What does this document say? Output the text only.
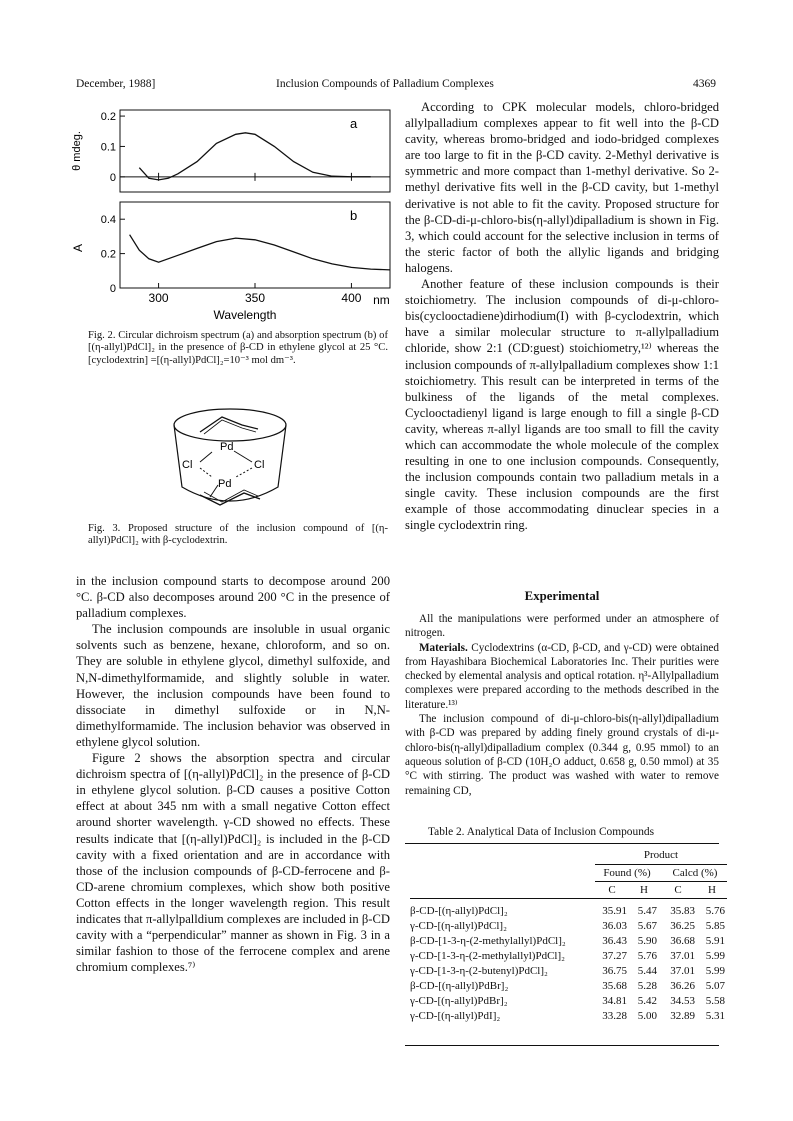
December, 1988]	Inclusion Compounds of Palladium Complexes	4369
0.2
0.1
0
a
θ mdeg.
0.4
0.2
0
b
A
300	350	400 nm
Wavelength
Fig. 2. Circular dichroism spectrum (a) and absorption spectrum (b) of [(η-allyl)PdCl]₂ in the presence of β-CD in ethylene glycol at 25 °C. [cyclodextrin] =[(η-allyl)PdCl]₂=10⁻³ mol dm⁻³.
Pd
Pd
Cl	Cl
Fig. 3. Proposed structure of the inclusion compound of [(η-allyl)PdCl]₂ with β-cyclodextrin.

in the inclusion compound starts to decompose around 200 °C. β-CD also decomposes around 200 °C in the presence of palladium complexes.

The inclusion compounds are insoluble in usual organic solvents such as benzene, hexane, chloroform, and so on. They are soluble in ethylene glycol, dimethyl sulfoxide, and N,N-dimethylformamide, and slightly soluble in water. However, the inclusion compounds have been found to dissociate in dimethyl sulfoxide or in N,N-dimethylformamide. The inclusion behavior was observed in ethylene glycol solution.

Figure 2 shows the absorption spectra and circular dichroism spectra of [(η-allyl)PdCl]₂ in the presence of β-CD in ethylene glycol solution. β-CD causes a positive Cotton effect at about 345 nm with a small negative Cotton effect around shorter wavelength. γ-CD showed no effects. These results indicate that [(η-allyl)PdCl]₂ is included in the β-CD cavity with a fixed orientation and are in accordance with those of the inclusion compounds of β-CD-ferrocene and β-CD-arene chromium complexes, which show both positive Cotton effects in the longer wavelength region. This result indicates that π-allylpalldium complexes are included in β-CD cavity with a “perpendicular” manner as shown in Fig. 3 in a similar fashion to those of the ferrocene complex and arene chromium complexes.⁷⁾

According to CPK molecular models, chloro-bridged allylpalladium complexes appear to fit well into the β-CD cavity, whereas bromo-bridged and iodo-bridged complexes are too large to fit in the β-CD cavity. 2-Methyl derivative is symmetric and more compact than 1-methyl derivative. So 2-methyl derivative fits well in the β-CD cavity, but 1-methyl derivative is not able to fit the cavity. Proposed structure for the β-CD-di-μ-chloro-bis(η-allyl)dipalladium is shown in Fig. 3, which could account for the selective inclusion in terms of the steric factor of both the allylic ligands and bridging halogens.

Another feature of these inclusion compounds is their stoichiometry. The inclusion compounds of di-μ-chloro-bis(cyclooctadiene)dirhodium(I) with β-cyclodextrin, which have a similar molecular structure to π-allylpalladium chloride, show 2:1 (CD:guest) stoichiometry,¹²⁾ whereas the inclusion compounds of π-allylpalladium complexes show 1:1 stoichiometry. This result can be interpreted in terms of the bulkiness of the ligands of the metal complexes. Cyclooctadienyl ligand is large enough to fill a single β-CD cavity, whereas π-allyl ligands are too small to fill the cavity which can accommodate the whole molecule of the complex resulting in one to one inclusion compounds. Consequently, the inclusion compounds contain two palladium metals in a single cavity. These inclusion compounds are the first example of those accommodating dinuclear species in a single cyclodextrin ring.

Experimental

All the manipulations were performed under an atmosphere of nitrogen.

Materials. Cyclodextrins (α-CD, β-CD, and γ-CD) were obtained from Hayashibara Biochemical Laboratories Inc. Their purities were checked by elemental analysis and optical rotation. η³-Allylpalladium complexes were prepared according to the methods described in the literature.¹³⁾

The inclusion compound of di-μ-chloro-bis(η-allyl)dipalladium with β-CD was prepared by adding finely ground crystals of di-μ-chloro-bis(η-allyl)dipalladium complex (0.344 g, 0.95 mmol) to an aqueous solution of β-CD (10H₂O adduct, 0.658 g, 0.50 mmol) at 35 °C with stirring. The product was washed with water to remove remaining CD,

Table 2. Analytical Data of Inclusion Compounds
	Product			
	Found (%)		Calcd (%)	
	C	H	C	H
β-CD-[(η-allyl)PdCl]₂	35.91	5.47	35.83	5.76
γ-CD-[(η-allyl)PdCl]₂	36.03	5.67	36.25	5.85
β-CD-[1-3-η-(2-methylallyl)PdCl]₂	36.43	5.90	36.68	5.91
γ-CD-[1-3-η-(2-methylallyl)PdCl]₂	37.27	5.76	37.01	5.99
γ-CD-[1-3-η-(2-butenyl)PdCl]₂	36.75	5.44	37.01	5.99
β-CD-[(η-allyl)PdBr]₂	35.68	5.28	36.26	5.07
γ-CD-[(η-allyl)PdBr]₂	34.81	5.42	34.53	5.58
γ-CD-[(η-allyl)PdI]₂	33.28	5.00	32.89	5.31
